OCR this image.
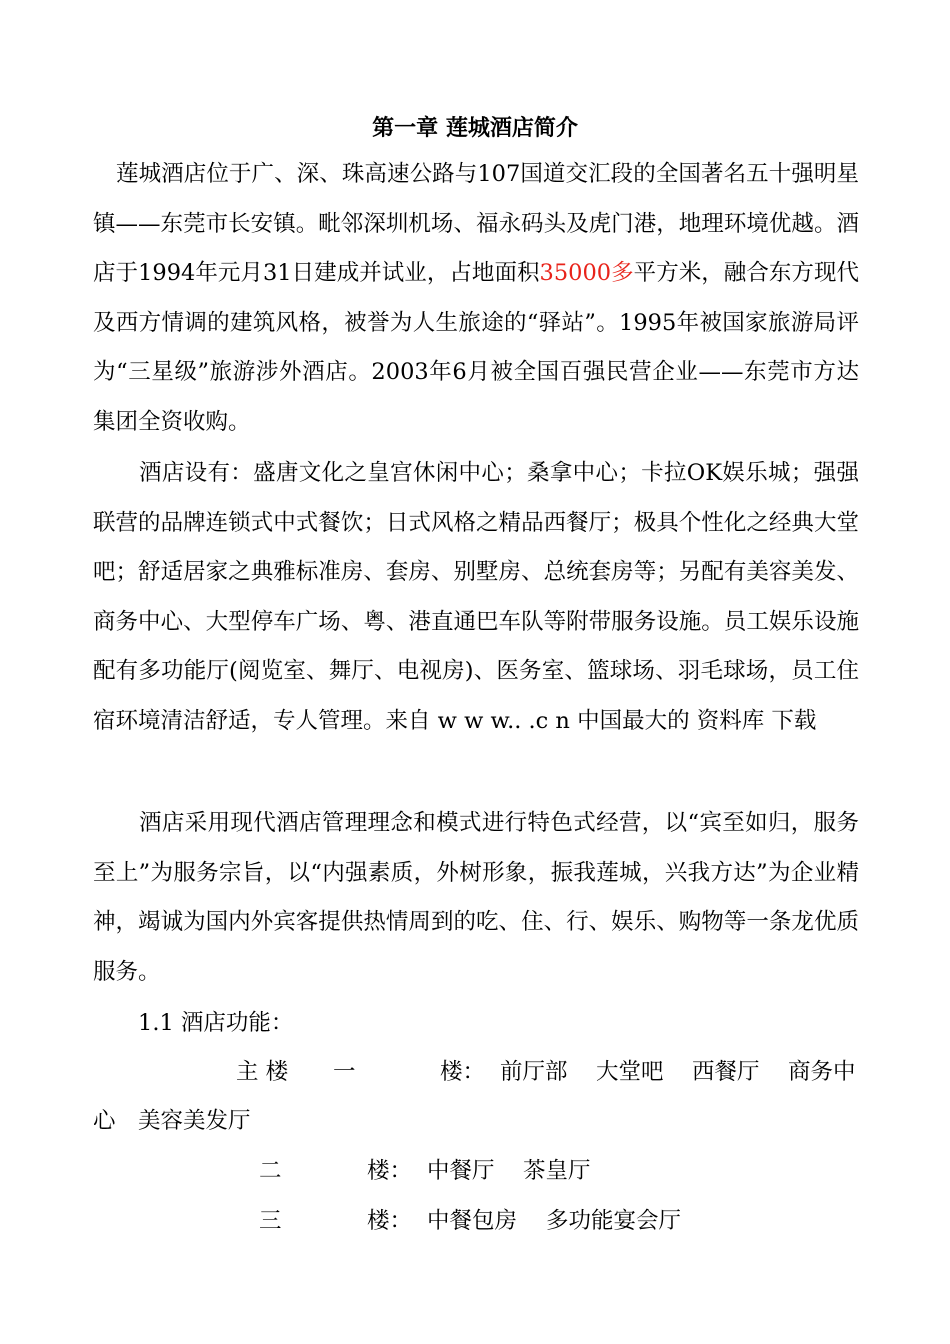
第一章 莲城酒店简介

莲城酒店位于广、深、珠高速公路与107国道交汇段的全国著名五十强明星镇——东莞市长安镇。毗邻深圳机场、福永码头及虎门港，地理环境优越。酒店于1994年元月31日建成并试业，占地面积35000多平方米，融合东方现代及西方情调的建筑风格，被誉为人生旅途的“驿站”。1995年被国家旅游局评为“三星级”旅游涉外酒店。2003年6月被全国百强民营企业——东莞市方达集团全资收购。

酒店设有：盛唐文化之皇宫休闲中心；桑拿中心；卡拉OK娱乐城；强强联营的品牌连锁式中式餐饮；日式风格之精品西餐厅；极具个性化之经典大堂吧；舒适居家之典雅标准房、套房、别墅房、总统套房等；另配有美容美发、商务中心、大型停车广场、粤、港直通巴车队等附带服务设施。员工娱乐设施配有多功能厅(阅览室、舞厅、电视房)、医务室、篮球场、羽毛球场，员工住宿环境清洁舒适，专人管理。来自 w w w.. .c n 中国最大的 资料库 下载

酒店采用现代酒店管理理念和模式进行特色式经营，以“宾至如归，服务至上”为服务宗旨，以“内强素质，外树形象，振我莲城，兴我方达”为企业精神，竭诚为国内外宾客提供热情周到的吃、住、行、娱乐、购物等一条龙优质服务。

1.1 酒店功能：
主 楼 一	楼： 前厅部 大堂吧 西餐厅 商务中
心 美容美发厅
二	楼： 中餐厅 茶皇厅
三	楼： 中餐包房 多功能宴会厅
